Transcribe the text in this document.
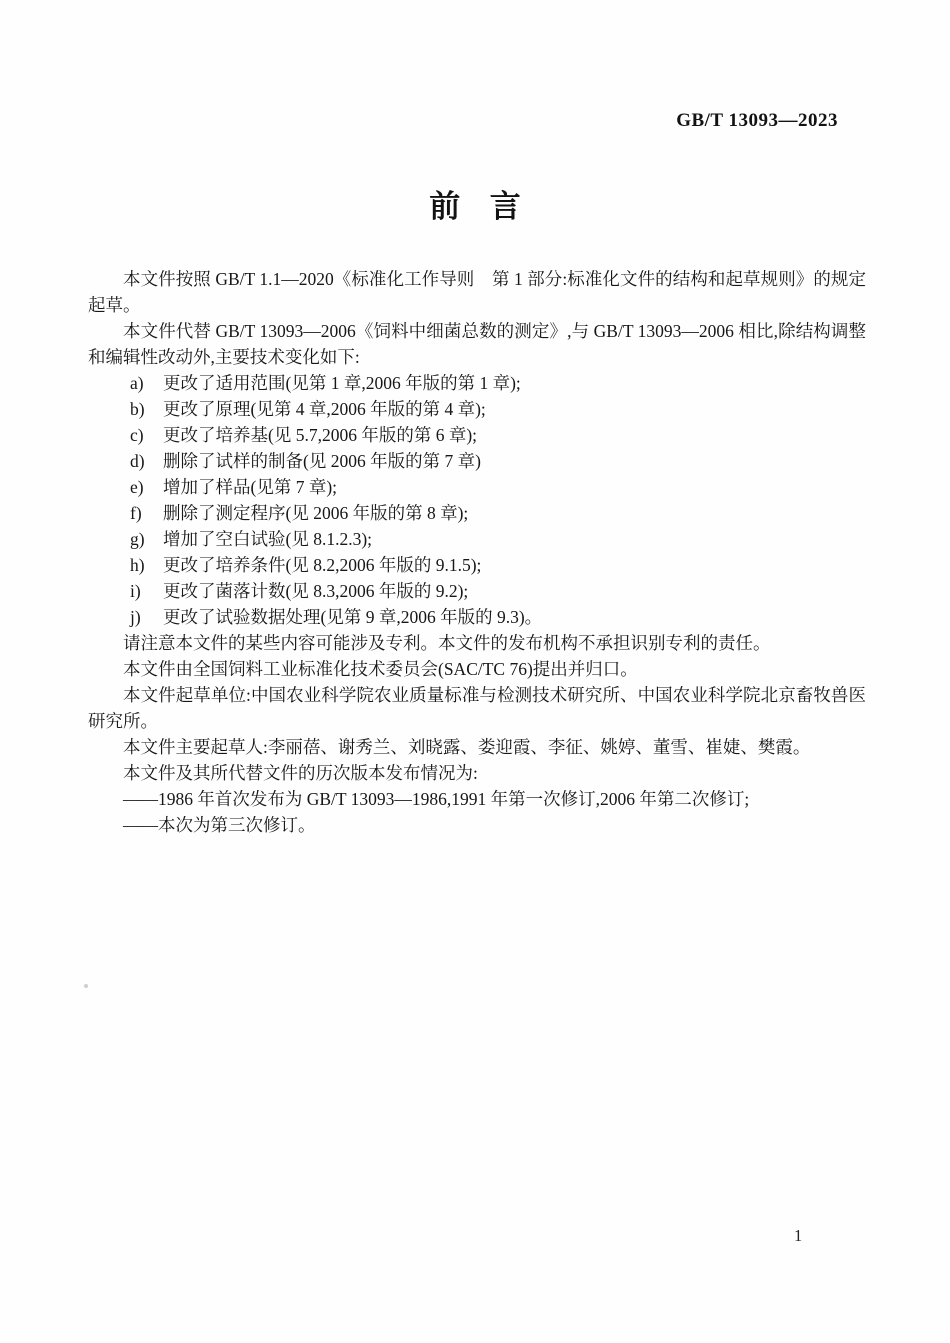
GB/T 13093—2023
前言

本文件按照 GB/T 1.1—2020《标准化工作导则　第 1 部分:标准化文件的结构和起草规则》的规定起草。

本文件代替 GB/T 13093—2006《饲料中细菌总数的测定》,与 GB/T 13093—2006 相比,除结构调整和编辑性改动外,主要技术变化如下:

a) 更改了适用范围(见第 1 章,2006 年版的第 1 章);
b) 更改了原理(见第 4 章,2006 年版的第 4 章);
c) 更改了培养基(见 5.7,2006 年版的第 6 章);
d) 删除了试样的制备(见 2006 年版的第 7 章)
e) 增加了样品(见第 7 章);
f) 删除了测定程序(见 2006 年版的第 8 章);
g) 增加了空白试验(见 8.1.2.3);
h) 更改了培养条件(见 8.2,2006 年版的 9.1.5);
i) 更改了菌落计数(见 8.3,2006 年版的 9.2);
j) 更改了试验数据处理(见第 9 章,2006 年版的 9.3)。

请注意本文件的某些内容可能涉及专利。本文件的发布机构不承担识别专利的责任。

本文件由全国饲料工业标准化技术委员会(SAC/TC 76)提出并归口。

本文件起草单位:中国农业科学院农业质量标准与检测技术研究所、中国农业科学院北京畜牧兽医研究所。

本文件主要起草人:李丽蓓、谢秀兰、刘晓露、娄迎霞、李征、姚婷、董雪、崔婕、樊霞。

本文件及其所代替文件的历次版本发布情况为:

——1986 年首次发布为 GB/T 13093—1986,1991 年第一次修订,2006 年第二次修订;

——本次为第三次修订。

1
